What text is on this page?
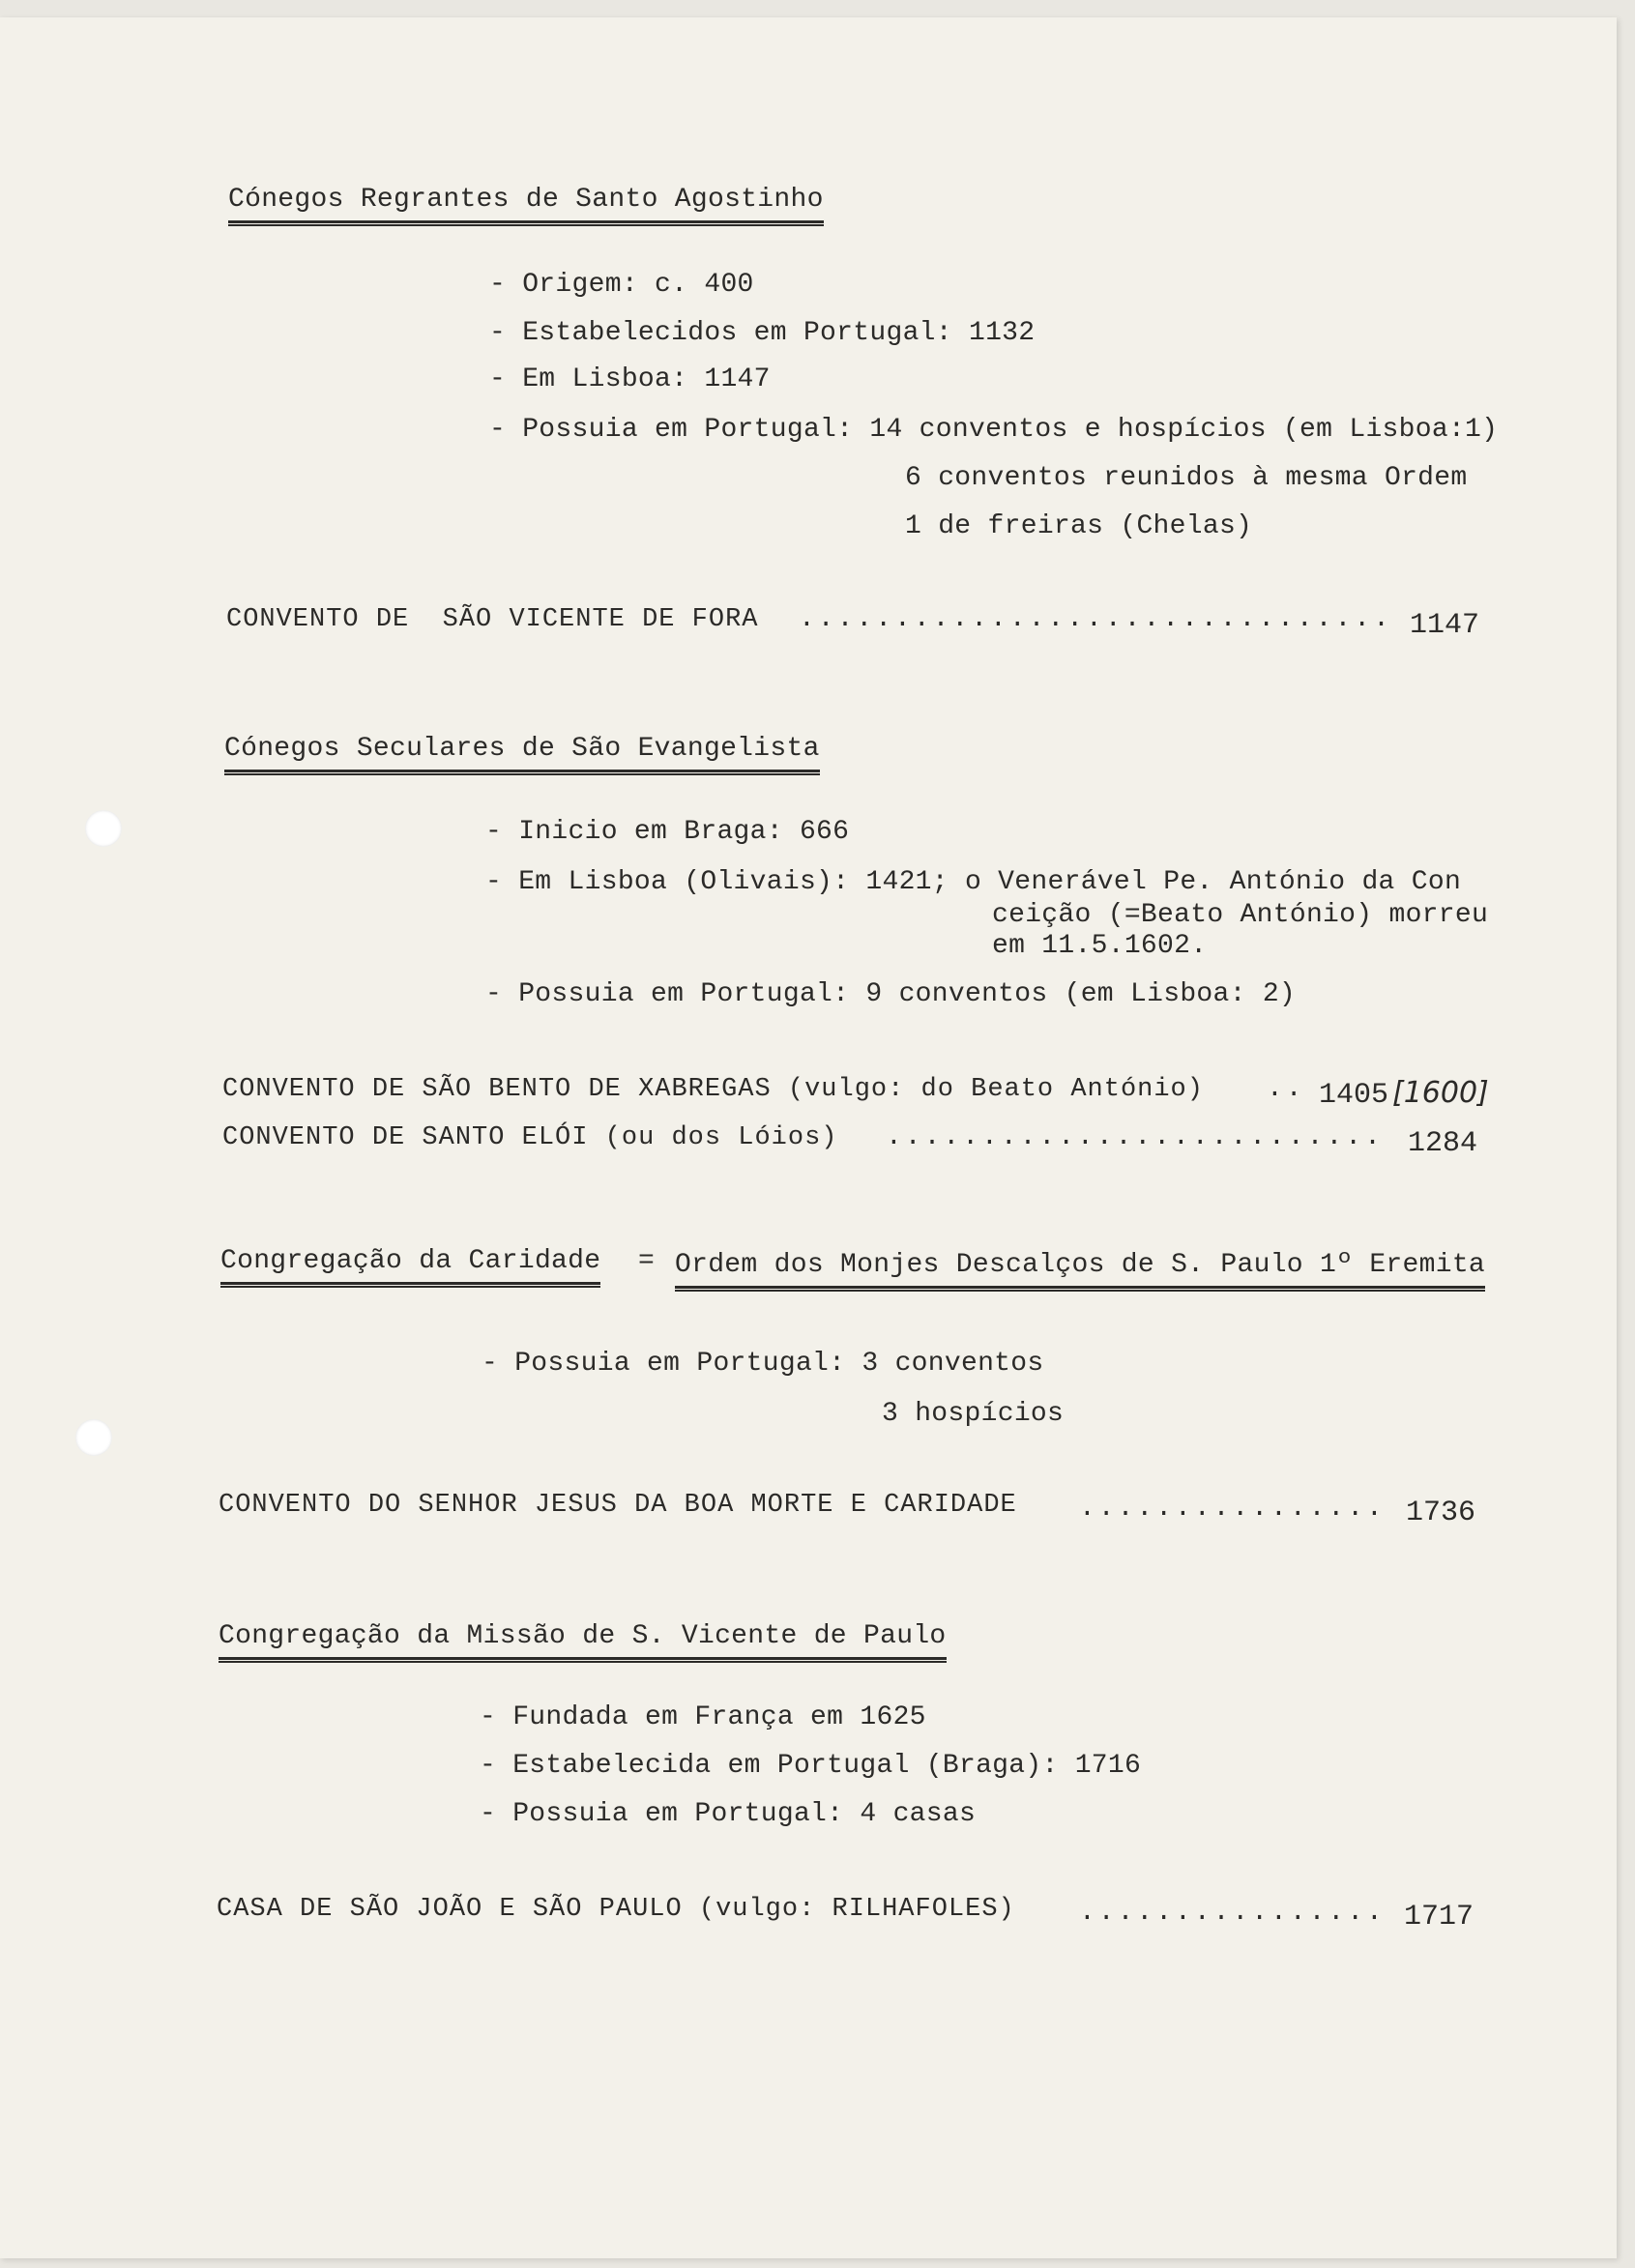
Cónegos Regrantes de Santo Agostinho
- Origem: c. 400
- Estabelecidos em Portugal: 1132
- Em Lisboa: 1147
- Possuia em Portugal: 14 conventos e hospícios (em Lisboa:1)
6 conventos reunidos à mesma Ordem
1 de freiras (Chelas)
CONVENTO DE  SÃO VICENTE DE FORA ............................... 1147
Cónegos Seculares de São Evangelista
- Inicio em Braga: 666
- Em Lisboa (Olivais): 1421; o Venerável Pe. António da Con
ceição (=Beato António) morreu
em 11.5.1602.
- Possuia em Portugal: 9 conventos (em Lisboa: 2)
CONVENTO DE SÃO BENTO DE XABREGAS (vulgo: do Beato António) .. 1405 [1600]
CONVENTO DE SANTO ELÓI (ou dos Lóios) .......................... 1284
Congregação da Caridade = Ordem dos Monjes Descalços de S. Paulo 1º Eremita
- Possuia em Portugal: 3 conventos
3 hospícios
CONVENTO DO SENHOR JESUS DA BOA MORTE E CARIDADE ................ 1736
Congregação da Missão de S. Vicente de Paulo
- Fundada em França em 1625
- Estabelecida em Portugal (Braga): 1716
- Possuia em Portugal: 4 casas
CASA DE SÃO JOÃO E SÃO PAULO (vulgo: RILHAFOLES) ................ 1717
